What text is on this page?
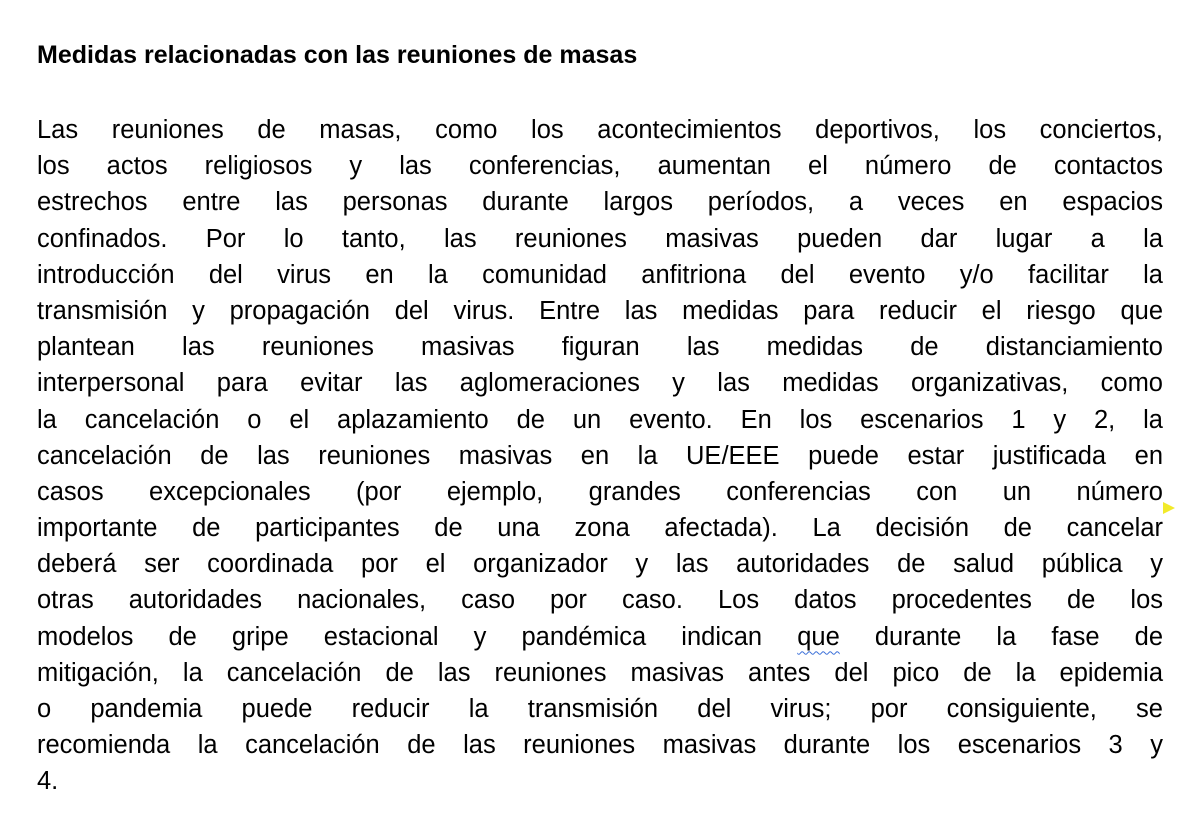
Medidas relacionadas con las reuniones de masas
Las reuniones de masas, como los acontecimientos deportivos, los conciertos,
los actos religiosos y las conferencias, aumentan el número de contactos
estrechos entre las personas durante largos períodos, a veces en espacios
confinados. Por lo tanto, las reuniones masivas pueden dar lugar a la
introducción del virus en la comunidad anfitriona del evento y/o facilitar la
transmisión y propagación del virus. Entre las medidas para reducir el riesgo que
plantean las reuniones masivas figuran las medidas de distanciamiento
interpersonal para evitar las aglomeraciones y las medidas organizativas, como
la cancelación o el aplazamiento de un evento. En los escenarios 1 y 2, la
cancelación de las reuniones masivas en la UE/EEE puede estar justificada en
casos excepcionales (por ejemplo, grandes conferencias con un número
importante de participantes de una zona afectada). La decisión de cancelar
deberá ser coordinada por el organizador y las autoridades de salud pública y
otras autoridades nacionales, caso por caso. Los datos procedentes de los
modelos de gripe estacional y pandémica indican que durante la fase de
mitigación, la cancelación de las reuniones masivas antes del pico de la epidemia
o pandemia puede reducir la transmisión del virus; por consiguiente, se
recomienda la cancelación de las reuniones masivas durante los escenarios 3 y
4.
